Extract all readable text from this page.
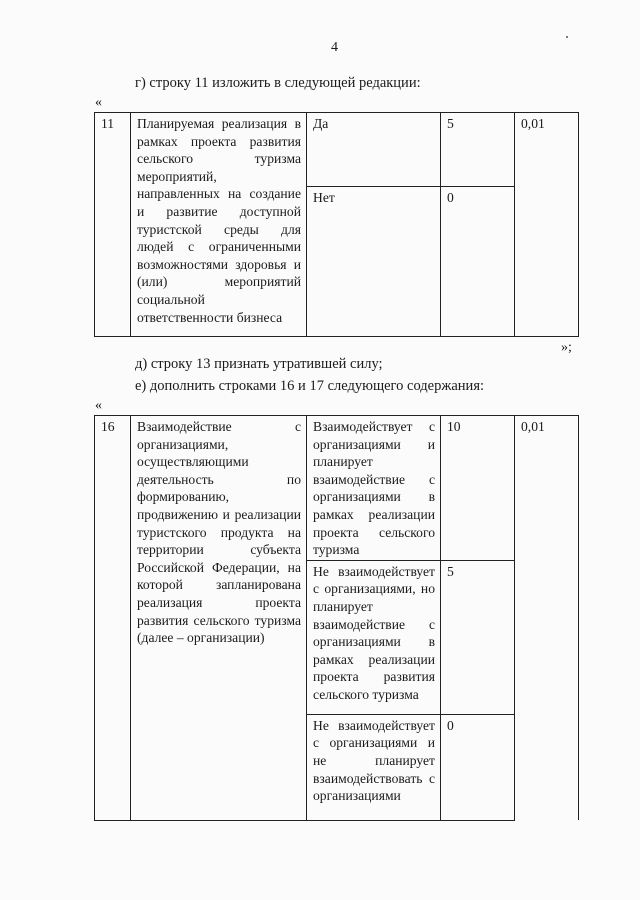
4
г) строку 11 изложить в следующей редакции:
«
11	Планируемая реализация в рамках проекта развития сельского туризма мероприятий, направленных на создание и развитие доступной туристской среды для людей с ограниченными возможностями здоровья и (или) мероприятий социальной ответственности бизнеса	Да	5	0,01
		Нет	0	
»;
д) строку 13 признать утратившей силу;
е) дополнить строками 16 и 17 следующего содержания:
«
16	Взаимодействие с организациями, осуществляющими деятельность по формированию, продвижению и реализации туристского продукта на территории субъекта Российской Федерации, на которой запланирована реализация проекта развития сельского туризма (далее – организации)	Взаимодействует с организациями и планирует взаимодействие с организациями в рамках реализации проекта сельского туризма	10	0,01
		Не взаимодействует с организациями, но планирует взаимодействие с организациями в рамках реализации проекта развития сельского туризма	5	
		Не взаимодействует с организациями и не планирует взаимодействовать с организациями	0	
